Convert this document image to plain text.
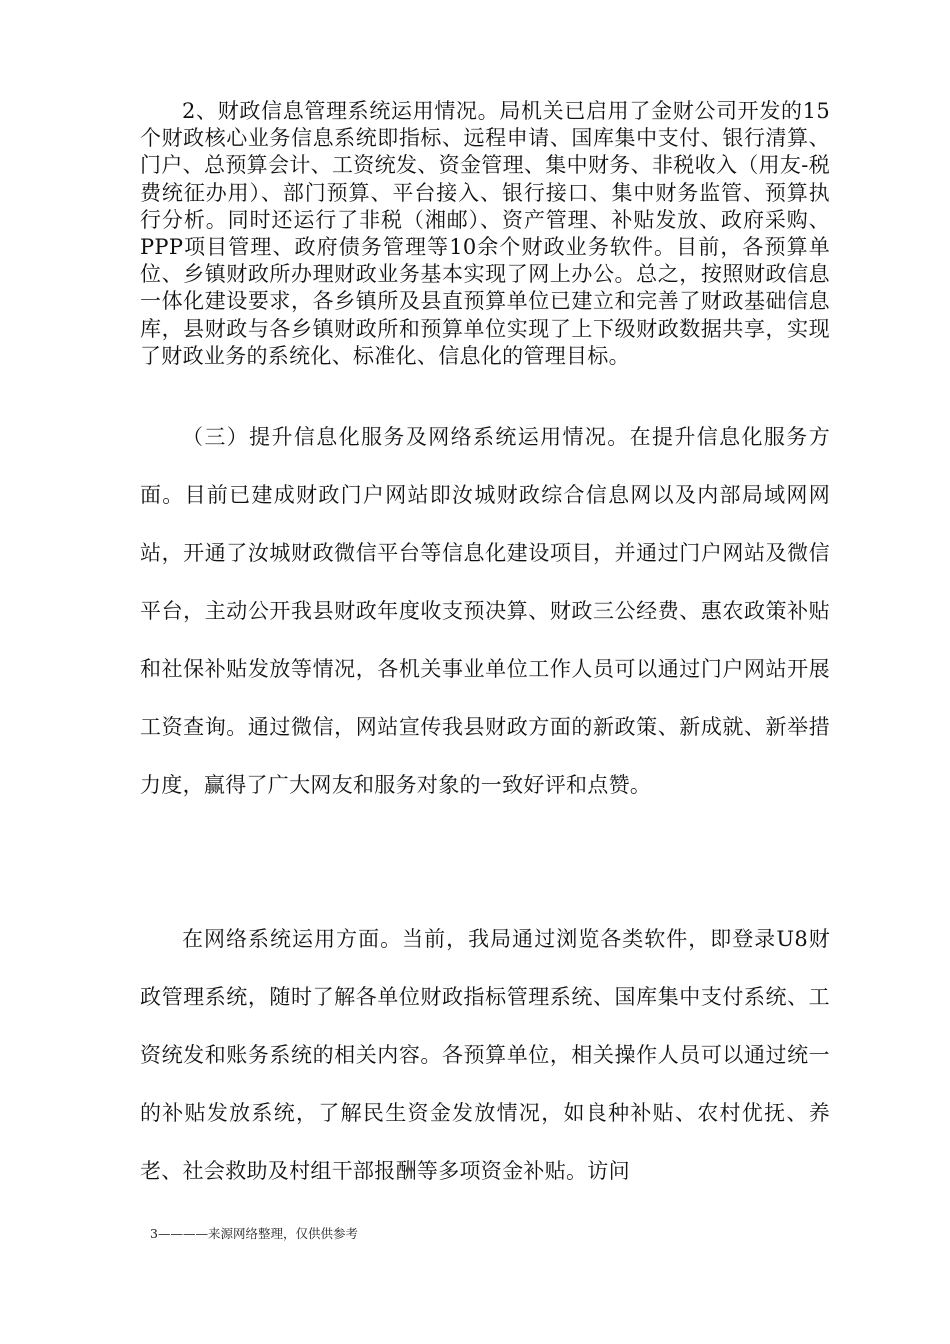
2、财政信息管理系统运用情况。局机关已启用了金财公司开发的15个财政核心业务信息系统即指标、远程申请、国库集中支付、银行清算、门户、总预算会计、工资统发、资金管理、集中财务、非税收入（用友-税费统征办用）、部门预算、平台接入、银行接口、集中财务监管、预算执行分析。同时还运行了非税（湘邮）、资产管理、补贴发放、政府采购、PPP项目管理、政府债务管理等10余个财政业务软件。目前，各预算单位、乡镇财政所办理财政业务基本实现了网上办公。总之，按照财政信息一体化建设要求，各乡镇所及县直预算单位已建立和完善了财政基础信息库，县财政与各乡镇财政所和预算单位实现了上下级财政数据共享，实现了财政业务的系统化、标准化、信息化的管理目标。

（三）提升信息化服务及网络系统运用情况。在提升信息化服务方面。目前已建成财政门户网站即汝城财政综合信息网以及内部局域网网站，开通了汝城财政微信平台等信息化建设项目，并通过门户网站及微信平台，主动公开我县财政年度收支预决算、财政三公经费、惠农政策补贴和社保补贴发放等情况，各机关事业单位工作人员可以通过门户网站开展工资查询。通过微信，网站宣传我县财政方面的新政策、新成就、新举措力度，赢得了广大网友和服务对象的一致好评和点赞。

在网络系统运用方面。当前，我局通过浏览各类软件，即登录U8财政管理系统，随时了解各单位财政指标管理系统、国库集中支付系统、工资统发和账务系统的相关内容。各预算单位，相关操作人员可以通过统一的补贴发放系统，了解民生资金发放情况，如良种补贴、农村优抚、养老、社会救助及村组干部报酬等多项资金补贴。访问

3————来源网络整理，仅供供参考
